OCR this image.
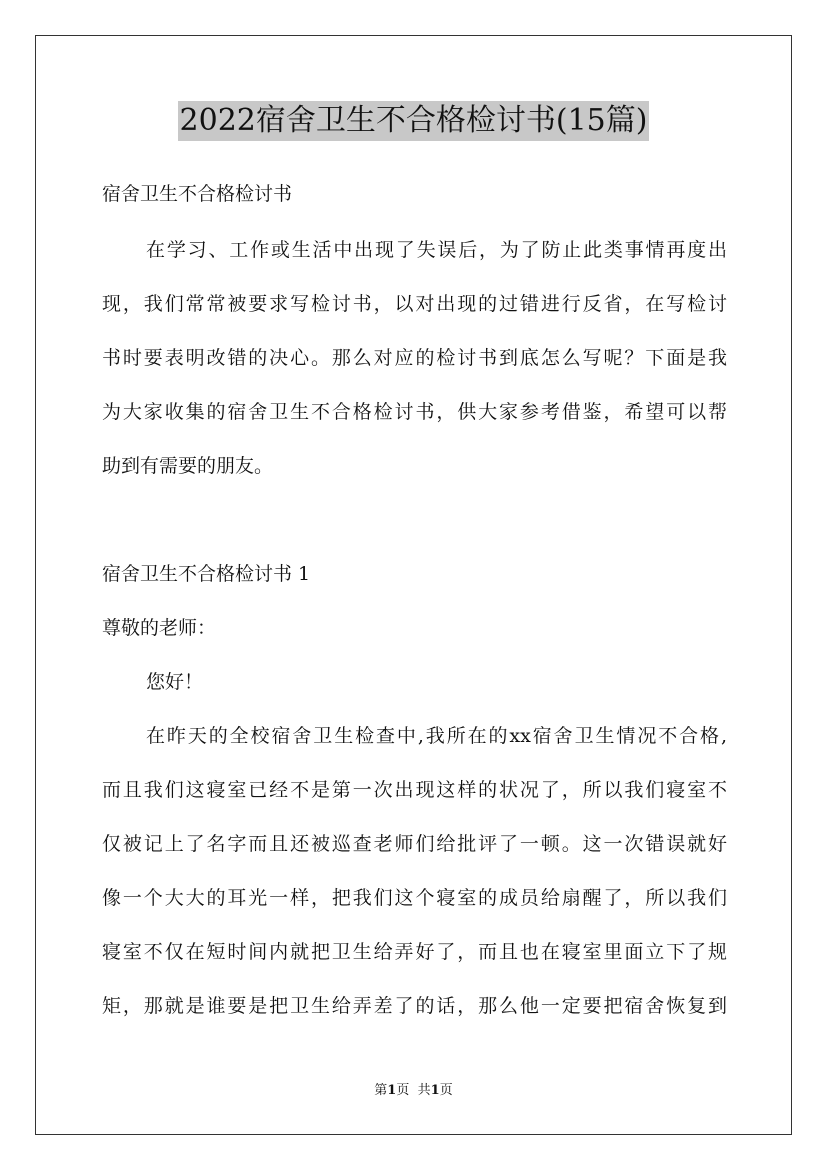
2022宿舍卫生不合格检讨书(15篇)
宿舍卫生不合格检讨书
在学习、工作或生活中出现了失误后，为了防止此类事情再度出
现，我们常常被要求写检讨书，以对出现的过错进行反省，在写检讨
书时要表明改错的决心。那么对应的检讨书到底怎么写呢？下面是我
为大家收集的宿舍卫生不合格检讨书，供大家参考借鉴，希望可以帮
助到有需要的朋友。
宿舍卫生不合格检讨书 1
尊敬的老师：
您好！
在昨天的全校宿舍卫生检查中,我所在的xx宿舍卫生情况不合格,
而且我们这寝室已经不是第一次出现这样的状况了，所以我们寝室不
仅被记上了名字而且还被巡查老师们给批评了一顿。这一次错误就好
像一个大大的耳光一样，把我们这个寝室的成员给扇醒了，所以我们
寝室不仅在短时间内就把卫生给弄好了，而且也在寝室里面立下了规
矩，那就是谁要是把卫生给弄差了的话，那么他一定要把宿舍恢复到
第1页 共1页
